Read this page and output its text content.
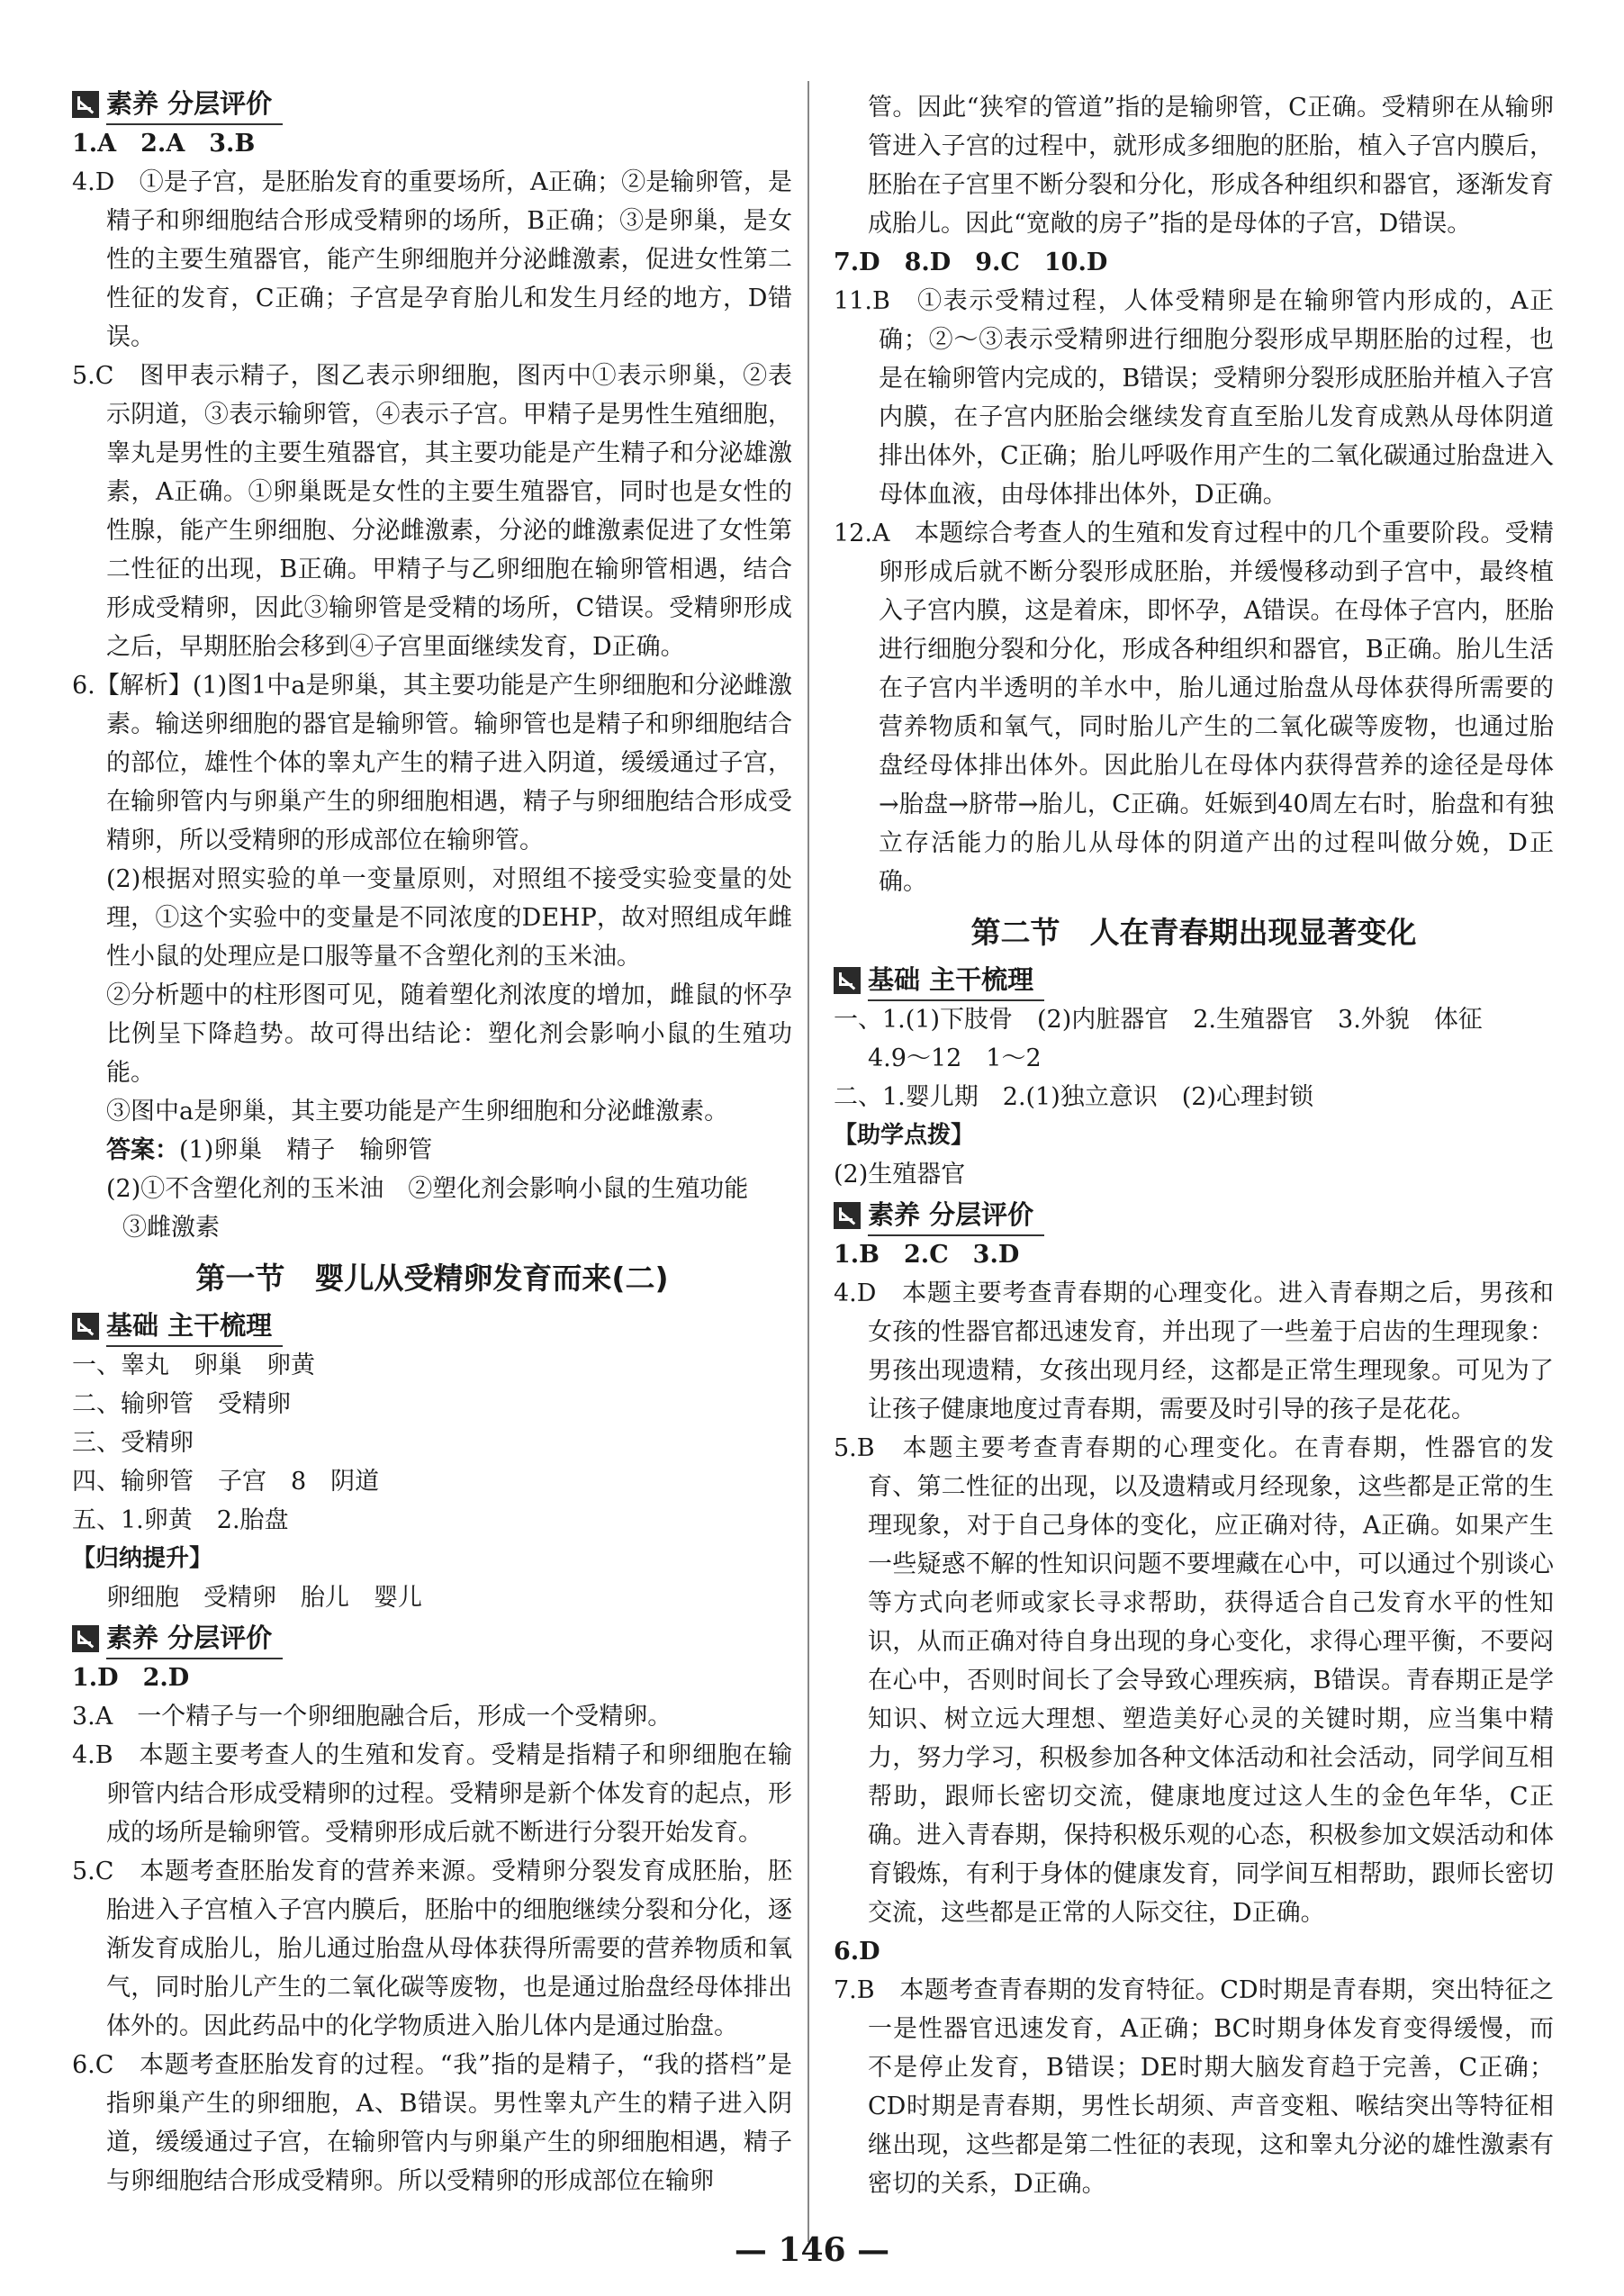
素养 分层评价

1.A　2.A　3.B

4.D　①是子宫，是胚胎发育的重要场所，A正确；②是输卵管，是精子和卵细胞结合形成受精卵的场所，B正确；③是卵巢，是女性的主要生殖器官，能产生卵细胞并分泌雌激素，促进女性第二性征的发育，C正确；子宫是孕育胎儿和发生月经的地方，D错误。

5.C　图甲表示精子，图乙表示卵细胞，图丙中①表示卵巢，②表示阴道，③表示输卵管，④表示子宫。甲精子是男性生殖细胞，睾丸是男性的主要生殖器官，其主要功能是产生精子和分泌雄激素，A正确。①卵巢既是女性的主要生殖器官，同时也是女性的性腺，能产生卵细胞、分泌雌激素，分泌的雌激素促进了女性第二性征的出现，B正确。甲精子与乙卵细胞在输卵管相遇，结合形成受精卵，因此③输卵管是受精的场所，C错误。受精卵形成之后，早期胚胎会移到④子宫里面继续发育，D正确。

6.【解析】(1)图1中a是卵巢，其主要功能是产生卵细胞和分泌雌激素。输送卵细胞的器官是输卵管。输卵管也是精子和卵细胞结合的部位，雄性个体的睾丸产生的精子进入阴道，缓缓通过子宫，在输卵管内与卵巢产生的卵细胞相遇，精子与卵细胞结合形成受精卵，所以受精卵的形成部位在输卵管。

(2)根据对照实验的单一变量原则，对照组不接受实验变量的处理，①这个实验中的变量是不同浓度的DEHP，故对照组成年雌性小鼠的处理应是口服等量不含塑化剂的玉米油。

②分析题中的柱形图可见，随着塑化剂浓度的增加，雌鼠的怀孕比例呈下降趋势。故可得出结论：塑化剂会影响小鼠的生殖功能。

③图中a是卵巢，其主要功能是产生卵细胞和分泌雌激素。

答案：(1)卵巢　精子　输卵管

(2)①不含塑化剂的玉米油　②塑化剂会影响小鼠的生殖功能

③雌激素

第一节　婴儿从受精卵发育而来(二)
基础 主干梳理

一、睾丸　卵巢　卵黄

二、输卵管　受精卵

三、受精卵

四、输卵管　子宫　8　阴道

五、1.卵黄　2.胎盘

【归纳提升】

卵细胞　受精卵　胎儿　婴儿

素养 分层评价

1.D　2.D

3.A　一个精子与一个卵细胞融合后，形成一个受精卵。

4.B　本题主要考查人的生殖和发育。受精是指精子和卵细胞在输卵管内结合形成受精卵的过程。受精卵是新个体发育的起点，形成的场所是输卵管。受精卵形成后就不断进行分裂开始发育。

5.C　本题考查胚胎发育的营养来源。受精卵分裂发育成胚胎，胚胎进入子宫植入子宫内膜后，胚胎中的细胞继续分裂和分化，逐渐发育成胎儿，胎儿通过胎盘从母体获得所需要的营养物质和氧气，同时胎儿产生的二氧化碳等废物，也是通过胎盘经母体排出体外的。因此药品中的化学物质进入胎儿体内是通过胎盘。

6.C　本题考查胚胎发育的过程。“我”指的是精子，“我的搭档”是指卵巢产生的卵细胞，A、B错误。男性睾丸产生的精子进入阴道，缓缓通过子宫，在输卵管内与卵巢产生的卵细胞相遇，精子与卵细胞结合形成受精卵。所以受精卵的形成部位在输卵

管。因此“狭窄的管道”指的是输卵管，C正确。受精卵在从输卵管进入子宫的过程中，就形成多细胞的胚胎，植入子宫内膜后，胚胎在子宫里不断分裂和分化，形成各种组织和器官，逐渐发育成胎儿。因此“宽敞的房子”指的是母体的子宫，D错误。

7.D　8.D　9.C　10.D

11.B　①表示受精过程，人体受精卵是在输卵管内形成的，A正确；②～③表示受精卵进行细胞分裂形成早期胚胎的过程，也是在输卵管内完成的，B错误；受精卵分裂形成胚胎并植入子宫内膜，在子宫内胚胎会继续发育直至胎儿发育成熟从母体阴道排出体外，C正确；胎儿呼吸作用产生的二氧化碳通过胎盘进入母体血液，由母体排出体外，D正确。

12.A　本题综合考查人的生殖和发育过程中的几个重要阶段。受精卵形成后就不断分裂形成胚胎，并缓慢移动到子宫中，最终植入子宫内膜，这是着床，即怀孕，A错误。在母体子宫内，胚胎进行细胞分裂和分化，形成各种组织和器官，B正确。胎儿生活在子宫内半透明的羊水中，胎儿通过胎盘从母体获得所需要的营养物质和氧气，同时胎儿产生的二氧化碳等废物，也通过胎盘经母体排出体外。因此胎儿在母体内获得营养的途径是母体→胎盘→脐带→胎儿，C正确。妊娠到40周左右时，胎盘和有独立存活能力的胎儿从母体的阴道产出的过程叫做分娩，D正确。

第二节　人在青春期出现显著变化
基础 主干梳理

一、1.(1)下肢骨　(2)内脏器官　2.生殖器官　3.外貌　体征

4.9～12　1～2

二、1.婴儿期　2.(1)独立意识　(2)心理封锁

【助学点拨】

(2)生殖器官

素养 分层评价

1.B　2.C　3.D

4.D　本题主要考查青春期的心理变化。进入青春期之后，男孩和女孩的性器官都迅速发育，并出现了一些羞于启齿的生理现象：男孩出现遗精，女孩出现月经，这都是正常生理现象。可见为了让孩子健康地度过青春期，需要及时引导的孩子是花花。

5.B　本题主要考查青春期的心理变化。在青春期，性器官的发育、第二性征的出现，以及遗精或月经现象，这些都是正常的生理现象，对于自己身体的变化，应正确对待，A正确。如果产生一些疑惑不解的性知识问题不要埋藏在心中，可以通过个别谈心等方式向老师或家长寻求帮助，获得适合自己发育水平的性知识，从而正确对待自身出现的身心变化，求得心理平衡，不要闷在心中，否则时间长了会导致心理疾病，B错误。青春期正是学知识、树立远大理想、塑造美好心灵的关键时期，应当集中精力，努力学习，积极参加各种文体活动和社会活动，同学间互相帮助，跟师长密切交流，健康地度过这人生的金色年华，C正确。进入青春期，保持积极乐观的心态，积极参加文娱活动和体育锻炼，有利于身体的健康发育，同学间互相帮助，跟师长密切交流，这些都是正常的人际交往，D正确。

6.D

7.B　本题考查青春期的发育特征。CD时期是青春期，突出特征之一是性器官迅速发育，A正确；BC时期身体发育变得缓慢，而不是停止发育，B错误；DE时期大脑发育趋于完善，C正确；CD时期是青春期，男性长胡须、声音变粗、喉结突出等特征相继出现，这些都是第二性征的表现，这和睾丸分泌的雄性激素有密切的关系，D正确。

— 146 —
